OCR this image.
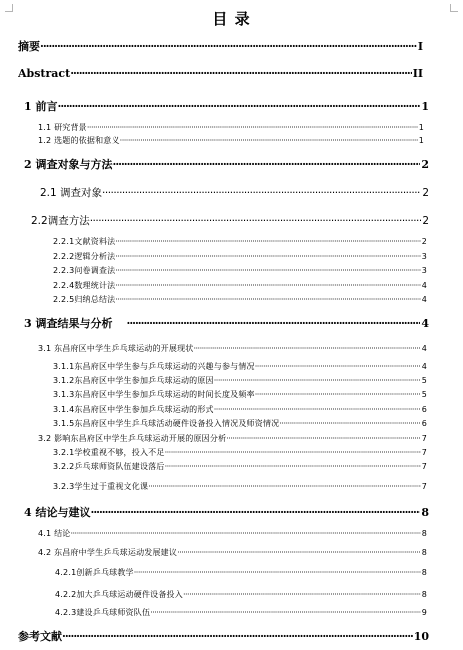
目 录
摘要 ·····	I
Abstract ·····	II
1 前言 ·····	1
1.1 研究背景 ·····	1
1.2 选题的依据和意义 ·····	1
2 调查对象与方法 ·····	2
2.1 调查对象 ·····	2
2.2调查方法 ·····	2
2.2.1文献资料法 ·····	2
2.2.2逻辑分析法 ·····	3
2.2.3问卷调查法 ·····	3
2.2.4数理统计法 ·····	4
2.2.5归纳总结法 ·····	4
3 调查结果与分析 ·····	4
3.1 东昌府区中学生乒乓球运动的开展现状 ·····	4
3.1.1东昌府区中学生参与乒乓球运动的兴趣与参与情况 ·····	4
3.1.2东昌府区中学生参加乒乓球运动的原因 ·····	5
3.1.3东昌府区中学生参加乒乓球运动的时间长度及频率 ·····	5
3.1.4东昌府区中学生参加乒乓球运动的形式 ·····	6
3.1.5东昌府区中学生乒乓球活动硬件设备投入情况及师资情况 ·····	6
3.2 影响东昌府区中学生乒乓球运动开展的原因分析 ·····	7
3.2.1学校重视不够，投入不足 ·····	7
3.2.2乒乓球师资队伍建设落后 ·····	7
3.2.3学生过于重视文化课 ·····	7
4 结论与建议 ·····	8
4.1 结论 ·····	8
4.2 东昌府中学生乒乓球运动发展建议 ·····	8
4.2.1创新乒乓球教学 ·····	8
4.2.2加大乒乓球运动硬件设备投入 ·····	8
4.2.3建设乒乓球师资队伍 ·····	9
参考文献 ·····	10
